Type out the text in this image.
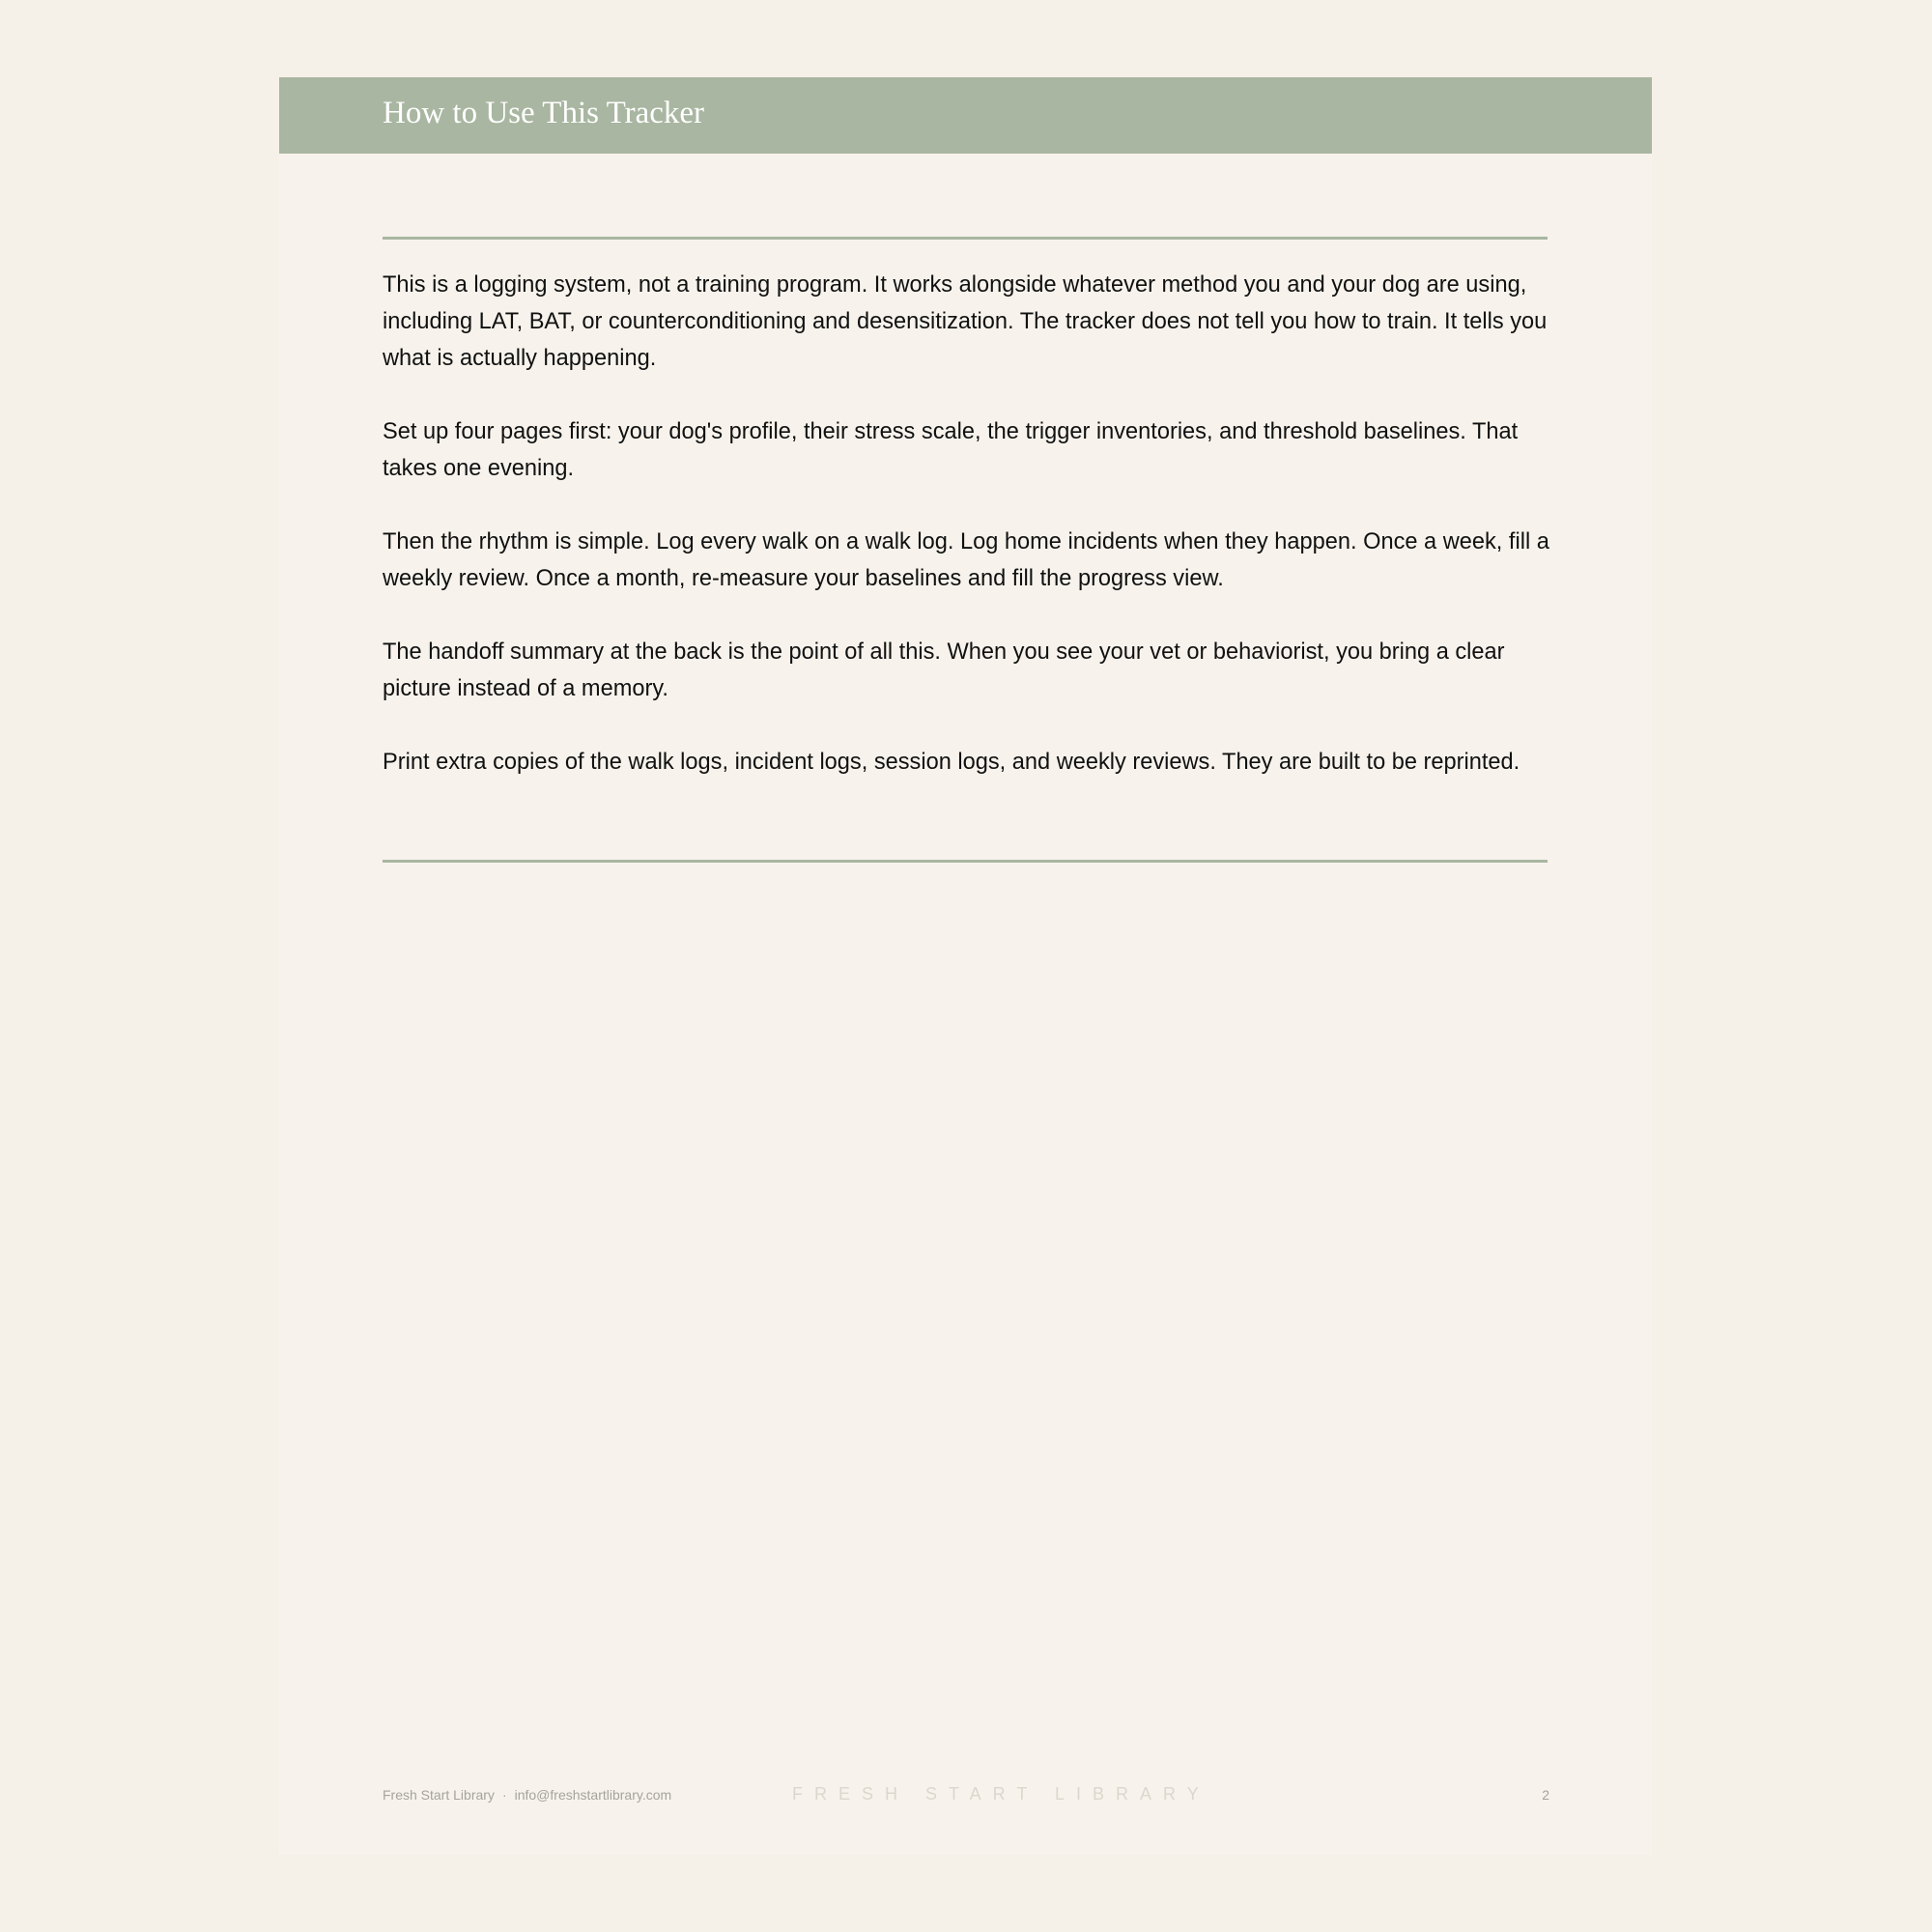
How to Use This Tracker

This is a logging system, not a training program. It works alongside whatever method you and your dog are using, including LAT, BAT, or counterconditioning and desensitization. The tracker does not tell you how to train. It tells you what is actually happening.

Set up four pages first: your dog's profile, their stress scale, the trigger inventories, and threshold baselines. That takes one evening.

Then the rhythm is simple. Log every walk on a walk log. Log home incidents when they happen. Once a week, fill a weekly review. Once a month, re-measure your baselines and fill the progress view.

The handoff summary at the back is the point of all this. When you see your vet or behaviorist, you bring a clear picture instead of a memory.

Print extra copies of the walk logs, incident logs, session logs, and weekly reviews. They are built to be reprinted.

Fresh Start Library · info@freshstartlibrary.com	FRESH START LIBRARY	2
